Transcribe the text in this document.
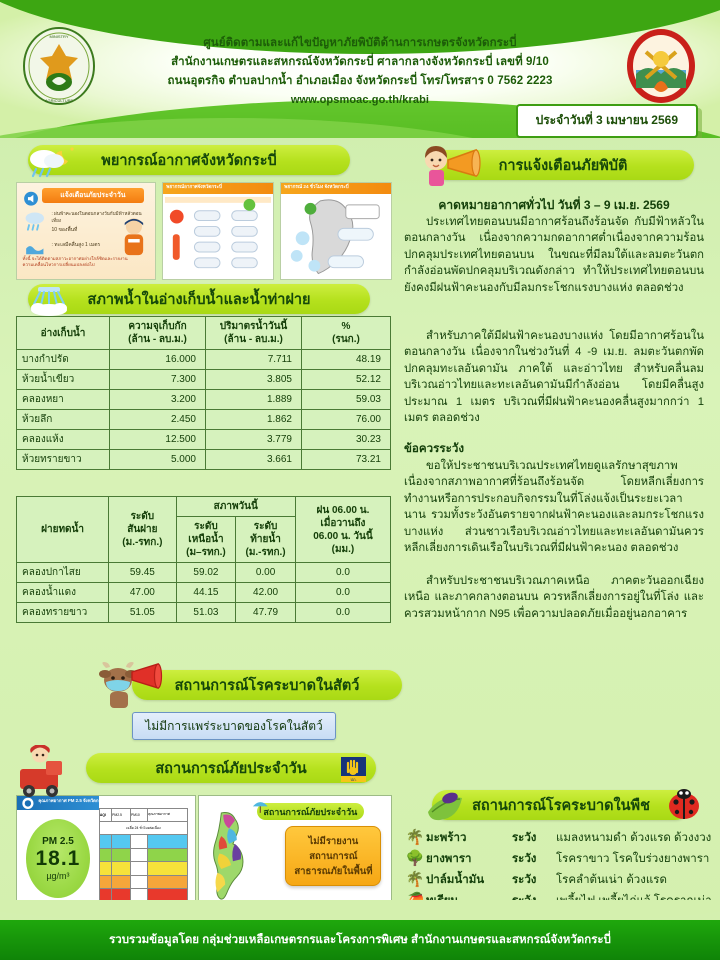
MINISTRY
AGRICULTURE
ศูนย์ติดตามและแก้ไขปัญหาภัยพิบัติด้านการเกษตรจังหวัดกระบี่
สำนักงานเกษตรและสหกรณ์จังหวัดกระบี่ ศาลากลางจังหวัดกระบี่ เลขที่ 9/10
ถนนอุตรกิจ ตำบลปากน้ำ อำเภอเมือง จังหวัดกระบี่ โทร/โทรสาร 0 7562 2223
www.opsmoac.go.th/krabi
ประจำวันที่ 3 เมษายน 2569
พยากรณ์อากาศจังหวัดกระบี่
แจ้งเตือนภัยประจำวัน
: ฝนฟ้าคะนองในตอนกลางวันกับมีฟ้าหลัวตอนเที่ยง
10 ของพื้นที่
: ทะเลมีคลื่นสูง 1 เมตร
ทั้งนี้ จะได้ติดตามสภาวะอากาศอย่างใกล้ชิดและรายงานความเคลื่อนไหวการเปลี่ยนแปลงต่อไป
พยากรณ์อากาศจังหวัดกระบี่	พยากรณ์ 24 ชั่วโมง จังหวัดกระบี่
สภาพน้ำในอ่างเก็บน้ำและน้ำท่าฝาย
อ่างเก็บน้ำ

ความจุเก็บกัก
(ล้าน - ลบ.ม.)

ปริมาตรน้ำวันนี้
(ล้าน - ลบ.ม.)

%
(รนก.)

บางกำปรัด	16.000	7.711	48.19
ห้วยน้ำเขียว	7.300	3.805	52.12
คลองหยา	3.200	1.889	59.03
ห้วยลึก	2.450	1.862	76.00
คลองแห้ง	12.500	3.779	30.23
ห้วยทรายขาว	5.000	3.661	73.21
ฝายทดน้ำ	
ระดับ
สันฝาย
(ม.-รทก.)
	สภาพวันนี้	ฝน 06.00 น.
เมื่อวานถึง
06.00 น. วันนี้
(มม.)

ระดับ
เหนือน้ำ
(ม–รทก.)

ระดับ
ท้ายน้ำ
(ม.-รทก.)

คลองปกาไสย	59.45	59.02	0.00	0.0
คลองน้ำแดง	47.00	44.15	42.00	0.0
คลองทรายขาว	51.05	51.03	47.79	0.0
การแจ้งเตือนภัยพิบัติ
คาดหมายอากาศทั่วไป วันที่ 3 – 9 เม.ย. 2569
ประเทศไทยตอนบนมีอากาศร้อนถึงร้อนจัด กับมีฟ้าหลัวในตอนกลางวัน เนื่องจากความกดอากาศต่ำเนื่องจากความร้อนปกคลุมประเทศไทยตอนบน ในขณะที่มีลมใต้และลมตะวันตกกำลังอ่อนพัดปกคลุมบริเวณดังกล่าว ทำให้ประเทศไทยตอนบนยังคงมีฝนฟ้าคะนองกับมีลมกระโชกแรงบางแห่ง ตลอดช่วง
สำหรับภาคใต้มีฝนฟ้าคะนองบางแห่ง โดยมีอากาศร้อนในตอนกลางวัน เนื่องจากในช่วงวันที่ 4 -9 เม.ย. ลมตะวันตกพัดปกคลุมทะเลอันดามัน ภาคใต้ และอ่าวไทย สำหรับคลื่นลมบริเวณอ่าวไทยและทะเลอันดามันมีกำลังอ่อน โดยมีคลื่นสูงประมาณ 1 เมตร บริเวณที่มีฝนฟ้าคะนองคลื่นสูงมากกว่า 1 เมตร ตลอดช่วง
ข้อควรระวัง
ขอให้ประชาชนบริเวณประเทศไทยดูแลรักษาสุขภาพเนื่องจากสภาพอากาศที่ร้อนถึงร้อนจัด โดยหลีกเลี่ยงการทำงานหรือการประกอบกิจกรรมในที่โล่งแจ้งเป็นระยะเวลานาน รวมทั้งระวังอันตรายจากฝนฟ้าคะนองและลมกระโชกแรงบางแห่ง ส่วนชาวเรือบริเวณอ่าวไทยและทะเลอันดามันควรหลีกเลี่ยงการเดินเรือในบริเวณที่มีฝนฟ้าคะนอง ตลอดช่วง
สำหรับประชาชนบริเวณภาคเหนือ ภาคตะวันออกเฉียงเหนือ และภาคกลางตอนบน ควรหลีกเลี่ยงการอยู่ในที่โล่ง และควรสวมหน้ากาก N95 เพื่อความปลอดภัยเมื่ออยู่นอกอาคาร
สถานการณ์โรคระบาดในสัตว์
ไม่มีการแพร่ระบาดของโรคในสัตว์
สถานการณ์ภัยประจำวัน
ปภ.
คุณภาพอากาศ PM 2.5 จังหวัดกระบี่
PM 2.5
18.1
µg/m³
AQI	PM2.5	PM10	คุณภาพอากาศ
เฉลี่ย 24 ชั่วโมงต่อเนื่อง			

สถานการณ์ภัยประจำวัน
ไม่มีรายงาน
สถานการณ์
สาธารณภัยในพื้นที่
สถานการณ์โรคระบาดในพืช
🌴 มะพร้าว	ระวัง	แมลงหนามดำ ด้วงแรด ด้วงงวง
🌳 ยางพารา	ระวัง	โรคราขาว โรคใบร่วงยางพารา
🌴 ปาล์มน้ำมัน	ระวัง	โรคลำต้นเน่า ด้วงแรด
รวบรวมข้อมูลโดย กลุ่มช่วยเหลือเกษตรกรและโครงการพิเศษ สำนักงานเกษตรและสหกรณ์จังหวัดกระบี่
